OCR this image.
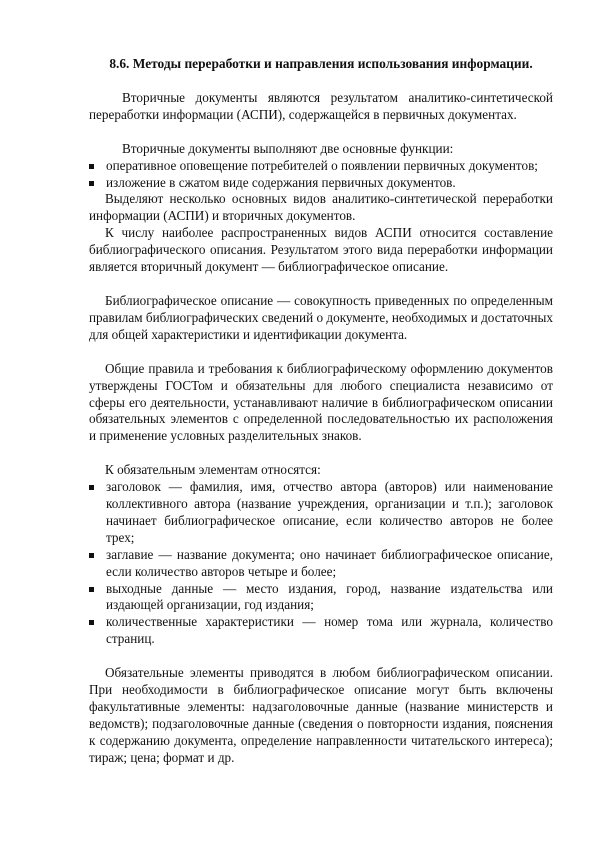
8.6. Методы переработки и направления использования информации.

Вторичные документы являются результатом аналитико-синтетической переработки информации (АСПИ), содержащейся в первичных документах.

Вторичные документы выполняют две основные функции:

оперативное оповещение потребителей о появлении первичных документов;
изложение в сжатом виде содержания первичных документов.

Выделяют несколько основных видов аналитико-синтетической переработки информации (АСПИ) и вторичных документов.

К числу наиболее распространенных видов АСПИ относится составление библиографического описания. Результатом этого вида переработки информации является вторичный документ — библиографическое описание.

Библиографическое описание — совокупность приведенных по определенным правилам библиографических сведений о документе, необходимых и достаточных для общей характеристики и идентификации документа.

Общие правила и требования к библиографическому оформлению документов утверждены ГОСТом и обязательны для любого специалиста независимо от сферы его деятельности, устанавливают наличие в библиографическом описании обязательных элементов с определенной последовательностью их расположения и применение условных разделительных знаков.

К обязательным элементам относятся:

заголовок — фамилия, имя, отчество автора (авторов) или наименование коллективного автора (название учреждения, организации и т.п.); заголовок начинает библиографическое описание, если количество авторов не более трех;
заглавие — название документа; оно начинает библиографическое описание, если количество авторов четыре и более;
выходные данные — место издания, город, название издательства или издающей организации, год издания;
количественные характеристики — номер тома или журнала, количество страниц.

Обязательные элементы приводятся в любом библиографическом описании. При необходимости в библиографическое описание могут быть включены факультативные элементы: надзаголовочные данные (название министерств и ведомств); подзаголовочные данные (сведения о повторности издания, пояснения к содержанию документа, определение направленности читательского интереса); тираж; цена; формат и др.
